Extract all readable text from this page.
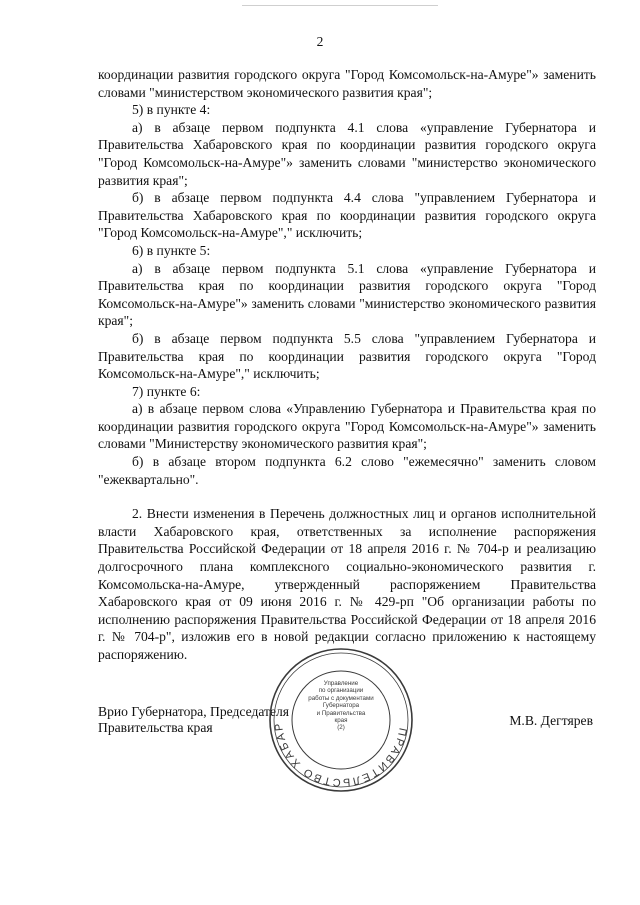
2

координации развития городского округа "Город Комсомольск-на-Амуре"» заменить словами "министерством экономического развития края";

5) в пункте 4:

а) в абзаце первом подпункта 4.1 слова «управление Губернатора и Правительства Хабаровского края по координации развития городского округа "Город Комсомольск-на-Амуре"» заменить словами "министерство экономического развития края";

б) в абзаце первом подпункта 4.4 слова "управлением Губернатора и Правительства Хабаровского края по координации развития городского округа "Город Комсомольск-на-Амуре"," исключить;

6) в пункте 5:

а) в абзаце первом подпункта 5.1 слова «управление Губернатора и Правительства края по координации развития городского округа "Город Комсомольск-на-Амуре"» заменить словами "министерство экономического развития края";

б) в абзаце первом подпункта 5.5 слова "управлением Губернатора и Правительства края по координации развития городского округа "Город Комсомольск-на-Амуре"," исключить;

7) пункте 6:

а) в абзаце первом слова «Управлению Губернатора и Правительства края по координации развития городского округа "Город Комсомольск-на-Амуре"» заменить словами "Министерству экономического развития края";

б) в абзаце втором подпункта 6.2 слово "ежемесячно" заменить словом "ежеквартально".

2. Внести изменения в Перечень должностных лиц и органов исполнительной власти Хабаровского края, ответственных за исполнение распоряжения Правительства Российской Федерации от 18 апреля 2016 г. № 704-р и реализацию долгосрочного плана комплексного социально-экономического развития г. Комсомольска-на-Амуре, утвержденный распоряжением Правительства Хабаровского края от 09 июня 2016 г. № 429-рп "Об организации работы по исполнению распоряжения Правительства Российской Федерации от 18 апреля 2016 г. № 704-р", изложив его в новой редакции согласно приложению к настоящему распоряжению.

Врио Губернатора, Председателя
Правительства края	М.В. Дегтярев
ПРАВИТЕЛЬСТВО ХАБАР
Управление
по организации
работы с документами
Губернатора
и Правительства
края
(2)
